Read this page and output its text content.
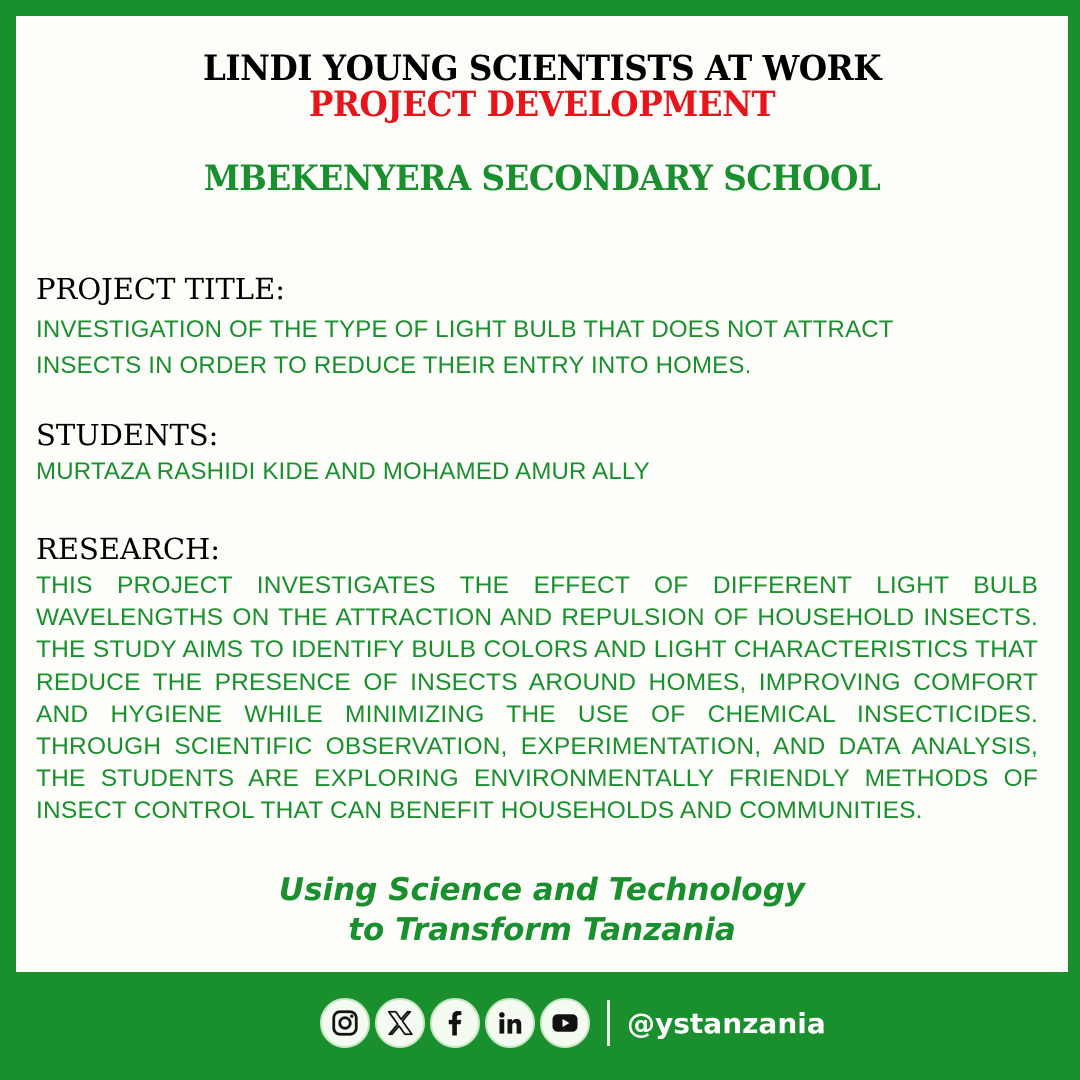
LINDI YOUNG SCIENTISTS AT WORK
PROJECT DEVELOPMENT
MBEKENYERA SECONDARY SCHOOL
PROJECT TITLE:
INVESTIGATION OF THE TYPE OF LIGHT BULB THAT DOES NOT ATTRACT
INSECTS IN ORDER TO REDUCE THEIR ENTRY INTO HOMES.
STUDENTS:
MURTAZA RASHIDI KIDE AND MOHAMED AMUR ALLY
RESEARCH:
THIS PROJECT INVESTIGATES THE EFFECT OF DIFFERENT LIGHT BULB WAVELENGTHS ON THE ATTRACTION AND REPULSION OF HOUSEHOLD INSECTS. THE STUDY AIMS TO IDENTIFY BULB COLORS AND LIGHT CHARACTERISTICS THAT REDUCE THE PRESENCE OF INSECTS AROUND HOMES, IMPROVING COMFORT AND HYGIENE WHILE MINIMIZING THE USE OF CHEMICAL INSECTICIDES. THROUGH SCIENTIFIC OBSERVATION, EXPERIMENTATION, AND DATA ANALYSIS, THE STUDENTS ARE EXPLORING ENVIRONMENTALLY FRIENDLY METHODS OF INSECT CONTROL THAT CAN BENEFIT HOUSEHOLDS AND COMMUNITIES.
Using Science and Technology
to Transform Tanzania
@ystanzania
